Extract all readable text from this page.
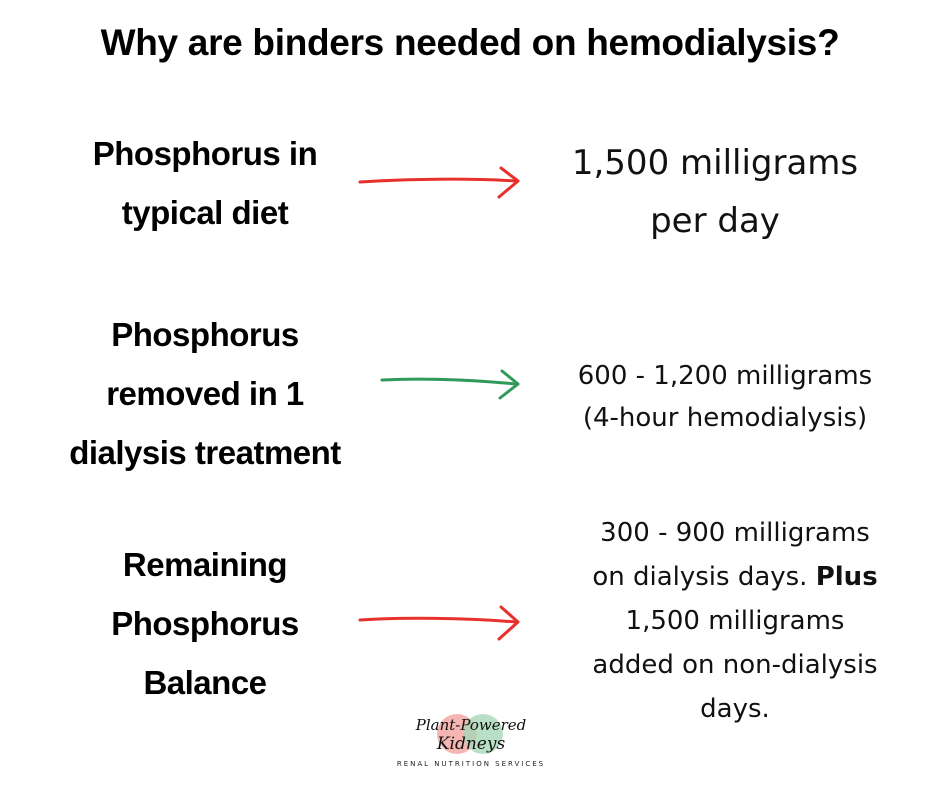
Why are binders needed on hemodialysis?
Phosphorus in
typical diet
1,500 milligrams
per day
Phosphorus
removed in 1
dialysis treatment
600 - 1,200 milligrams
(4-hour hemodialysis)
Remaining
Phosphorus
Balance
300 - 900 milligrams
on dialysis days. Plus
1,500 milligrams
added on non-dialysis
days.
Plant-Powered
Kidneys
RENAL NUTRITION SERVICES
